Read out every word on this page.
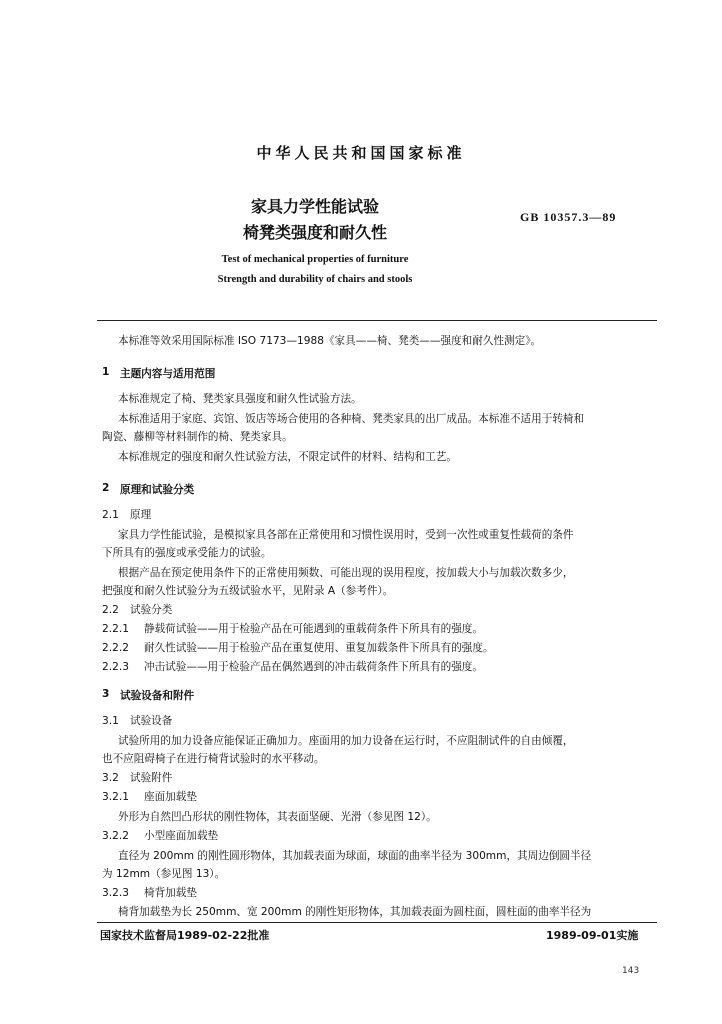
中华人民共和国国家标准
家具力学性能试验
椅凳类强度和耐久性
GB 10357.3—89
Test of mechanical properties of furniture
Strength and durability of chairs and stools
本标准等效采用国际标准 ISO 7173—1988《家具——椅、凳类——强度和耐久性测定》。
1 主题内容与适用范围
本标准规定了椅、凳类家具强度和耐久性试验方法。
本标准适用于家庭、宾馆、饭店等场合使用的各种椅、凳类家具的出厂成品。本标准不适用于转椅和
陶瓷、藤柳等材料制作的椅、凳类家具。
本标准规定的强度和耐久性试验方法，不限定试件的材料、结构和工艺。
2 原理和试验分类
2.1 原理
家具力学性能试验，是模拟家具各部在正常使用和习惯性误用时，受到一次性或重复性载荷的条件
下所具有的强度或承受能力的试验。
根据产品在预定使用条件下的正常使用频数、可能出现的误用程度，按加载大小与加载次数多少，
把强度和耐久性试验分为五级试验水平，见附录 A（参考件）。
2.2 试验分类
2.2.1 静载荷试验——用于检验产品在可能遇到的重载荷条件下所具有的强度。
2.2.2 耐久性试验——用于检验产品在重复使用、重复加载条件下所具有的强度。
2.2.3 冲击试验——用于检验产品在偶然遇到的冲击载荷条件下所具有的强度。
3 试验设备和附件
3.1 试验设备
试验所用的加力设备应能保证正确加力。座面用的加力设备在运行时，不应阻制试件的自由倾覆，
也不应阻碍椅子在进行椅背试验时的水平移动。
3.2 试验附件
3.2.1 座面加载垫
外形为自然凹凸形状的刚性物体，其表面坚硬、光滑（参见图 12）。
3.2.2 小型座面加载垫
直径为 200mm 的刚性圆形物体，其加载表面为球面，球面的曲率半径为 300mm，其周边倒圆半径
为 12mm（参见图 13）。
3.2.3 椅背加载垫
椅背加载垫为长 250mm、宽 200mm 的刚性矩形物体，其加载表面为圆柱面，圆柱面的曲率半径为
国家技术监督局1989-02-22批准	1989-09-01实施
143
